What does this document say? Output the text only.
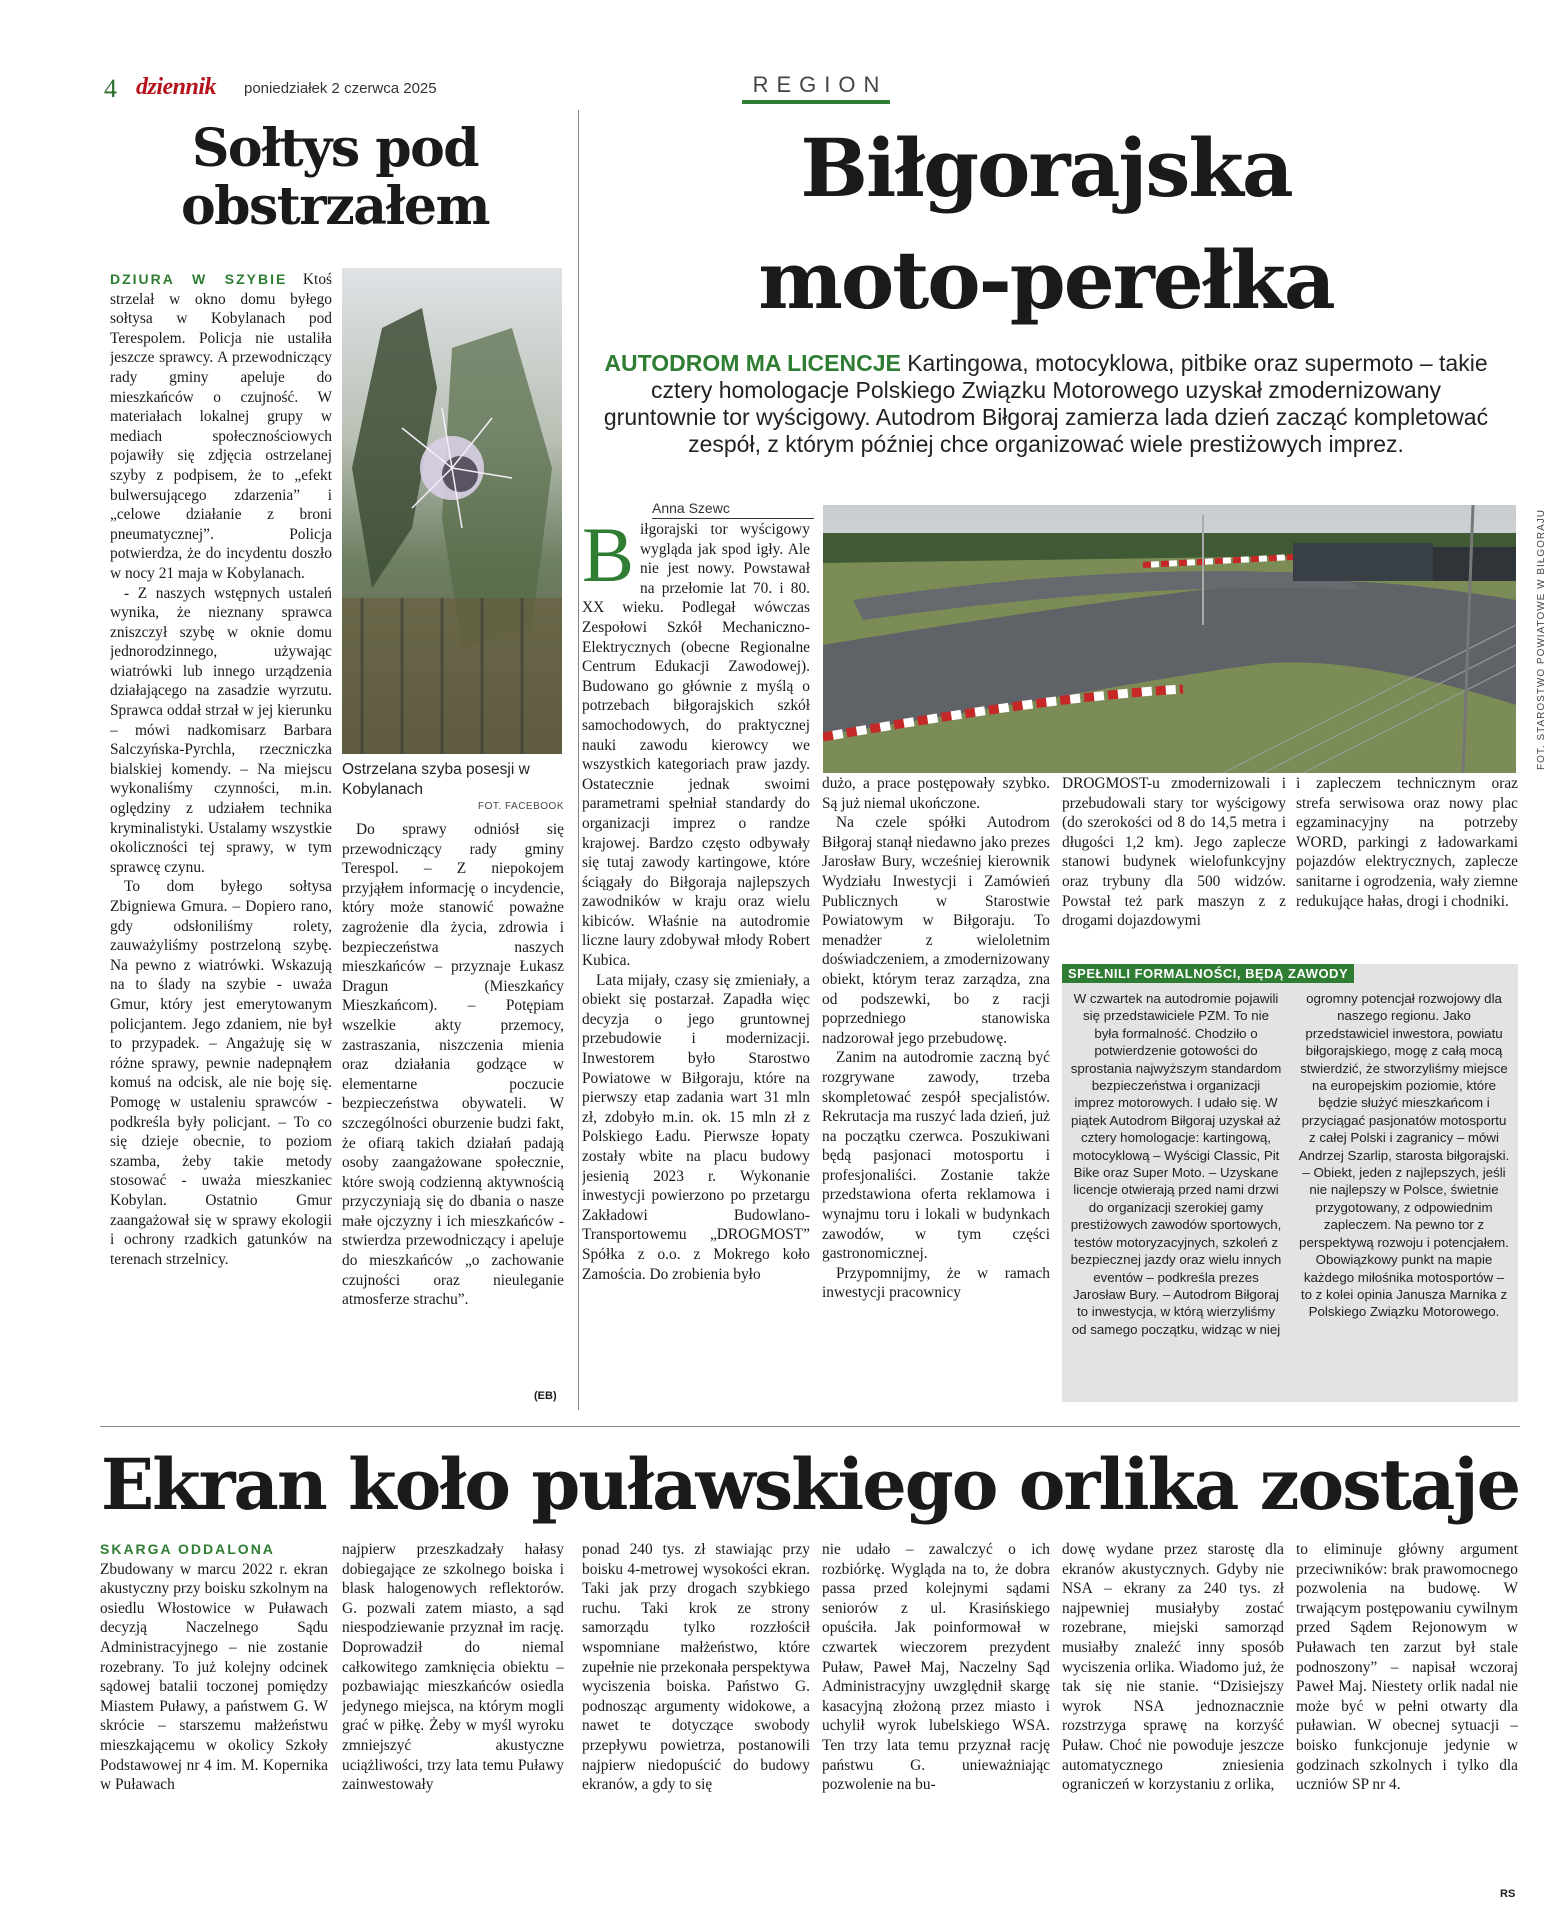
4 dziennik poniedziałek 2 czerwca 2025	REGION
Sołtys pod obstrzałem

DZIURA W SZYBIE Ktoś strzelał w okno domu byłego sołtysa w Kobylanach pod Terespolem. Policja nie ustaliła jeszcze sprawcy. A przewodniczący rady gminy apeluje do mieszkańców o czujność. W materiałach lokalnej grupy w mediach społecznościowych pojawiły się zdjęcia ostrzelanej szyby z podpisem, że to „efekt bulwersującego zdarzenia” i „celowe działanie z broni pneumatycznej”. Policja potwierdza, że do incydentu doszło w nocy 21 maja w Kobylanach.

- Z naszych wstępnych ustaleń wynika, że nieznany sprawca zniszczył szybę w oknie domu jednorodzinnego, używając wiatrówki lub innego urządzenia działającego na zasadzie wyrzutu. Sprawca oddał strzał w jej kierunku – mówi nadkomisarz Barbara Salczyńska-Pyrchla, rzeczniczka bialskiej komendy. – Na miejscu wykonaliśmy czynności, m.in. oględziny z udziałem technika kryminalistyki. Ustalamy wszystkie okoliczności tej sprawy, w tym sprawcę czynu.

To dom byłego sołtysa Zbigniewa Gmura. – Dopiero rano, gdy odsłoniliśmy rolety, zauważyliśmy postrzeloną szybę. Na pewno z wiatrówki. Wskazują na to ślady na szybie - uważa Gmur, który jest emerytowanym policjantem. Jego zdaniem, nie był to przypadek. – Angażuję się w różne sprawy, pewnie nadepnąłem komuś na odcisk, ale nie boję się. Pomogę w ustaleniu sprawców - podkreśla były policjant. – To co się dzieje obecnie, to poziom szamba, żeby takie metody stosować - uważa mieszkaniec Kobylan. Ostatnio Gmur zaangażował się w sprawy ekologii i ochrony rzadkich gatunków na terenach strzelnicy.

Ostrzelana szyba posesji w Kobylanach
FOT. FACEBOOK

Do sprawy odniósł się przewodniczący rady gminy Terespol. – Z niepokojem przyjąłem informację o incydencie, który może stanowić poważne zagrożenie dla życia, zdrowia i bezpieczeństwa naszych mieszkańców – przyznaje Łukasz Dragun (Mieszkańcy Mieszkańcom). – Potępiam wszelkie akty przemocy, zastraszania, niszczenia mienia oraz działania godzące w elementarne poczucie bezpieczeństwa obywateli. W szczególności oburzenie budzi fakt, że ofiarą takich działań padają osoby zaangażowane społecznie, które swoją codzienną aktywnością przyczyniają się do dbania o nasze małe ojczyzny i ich mieszkańców - stwierdza przewodniczący i apeluje do mieszkańców „o zachowanie czujności oraz nieuleganie atmosferze strachu”.

(EB)
Biłgorajska
moto-perełka
AUTODROM MA LICENCJE Kartingowa, motocyklowa, pitbike oraz supermoto – takie cztery homologacje Polskiego Związku Motorowego uzyskał zmodernizowany gruntownie tor wyścigowy. Autodrom Biłgoraj zamierza lada dzień zacząć kompletować zespół, z którym później chce organizować wiele prestiżowych imprez.
Anna Szewc
FOT. STAROSTWO POWIATOWE W BIŁGORAJU

Biłgorajski tor wyścigowy wygląda jak spod igły. Ale nie jest nowy. Powstawał na przełomie lat 70. i 80. XX wieku. Podlegał wówczas Zespołowi Szkół Mechaniczno-Elektrycznych (obecne Regionalne Centrum Edukacji Zawodowej). Budowano go głównie z myślą o potrzebach biłgorajskich szkół samochodowych, do praktycznej nauki zawodu kierowcy we wszystkich kategoriach praw jazdy. Ostatecznie jednak swoimi parametrami spełniał standardy do organizacji imprez o randze krajowej. Bardzo często odbywały się tutaj zawody kartingowe, które ściągały do Biłgoraja najlepszych zawodników w kraju oraz wielu kibiców. Właśnie na autodromie liczne laury zdobywał młody Robert Kubica.

Lata mijały, czasy się zmieniały, a obiekt się postarzał. Zapadła więc decyzja o jego gruntownej przebudowie i modernizacji. Inwestorem było Starostwo Powiatowe w Biłgoraju, które na pierwszy etap zadania wart 31 mln zł, zdobyło m.in. ok. 15 mln zł z Polskiego Ładu. Pierwsze łopaty zostały wbite na placu budowy jesienią 2023 r. Wykonanie inwestycji powierzono po przetargu Zakładowi Budowlano-Transportowemu „DROGMOST” Spółka z o.o. z Mokrego koło Zamościa. Do zrobienia było

dużo, a prace postępowały szybko. Są już niemal ukończone.

Na czele spółki Autodrom Biłgoraj stanął niedawno jako prezes Jarosław Bury, wcześniej kierownik Wydziału Inwestycji i Zamówień Publicznych w Starostwie Powiatowym w Biłgoraju. To menadżer z wieloletnim doświadczeniem, a zmodernizowany obiekt, którym teraz zarządza, zna od podszewki, bo z racji poprzedniego stanowiska nadzorował jego przebudowę.

Zanim na autodromie zaczną być rozgrywane zawody, trzeba skompletować zespół specjalistów. Rekrutacja ma ruszyć lada dzień, już na początku czerwca. Poszukiwani będą pasjonaci motosportu i profesjonaliści. Zostanie także przedstawiona oferta reklamowa i wynajmu toru i lokali w budynkach zawodów, w tym części gastronomicznej.

Przypomnijmy, że w ramach inwestycji pracownicy

DROGMOST-u zmodernizowali i przebudowali stary tor wyścigowy (do szerokości od 8 do 14,5 metra i długości 1,2 km). Jego zaplecze stanowi budynek wielofunkcyjny oraz trybuny dla 500 widzów. Powstał też park maszyn z z drogami dojazdowymi

i zapleczem technicznym oraz strefa serwisowa oraz nowy plac egzaminacyjny na potrzeby WORD, parkingi z ładowarkami pojazdów elektrycznych, zaplecze sanitarne i ogrodzenia, wały ziemne redukujące hałas, drogi i chodniki.

SPEŁNILI FORMALNOŚCI, BĘDĄ ZAWODY

W czwartek na autodromie pojawili się przedstawiciele PZM. To nie była formalność. Chodziło o potwierdzenie gotowości do sprostania najwyższym standardom bezpieczeństwa i organizacji imprez motorowych. I udało się. W piątek Autodrom Biłgoraj uzyskał aż cztery homologacje: kartingową, motocyklową – Wyścigi Classic, Pit Bike oraz Super Moto. – Uzyskane licencje otwierają przed nami drzwi do organizacji szerokiej gamy prestiżowych zawodów sportowych, testów motoryzacyjnych, szkoleń z bezpiecznej jazdy oraz wielu innych eventów – podkreśla prezes Jarosław Bury. – Autodrom Biłgoraj to inwestycja, w którą wierzyliśmy od samego początku, widząc w niej

ogromny potencjał rozwojowy dla naszego regionu. Jako przedstawiciel inwestora, powiatu biłgorajskiego, mogę z całą mocą stwierdzić, że stworzyliśmy miejsce na europejskim poziomie, które będzie służyć mieszkańcom i przyciągać pasjonatów motosportu z całej Polski i zagranicy – mówi Andrzej Szarlip, starosta biłgorajski. – Obiekt, jeden z najlepszych, jeśli nie najlepszy w Polsce, świetnie przygotowany, z odpowiednim zapleczem. Na pewno tor z perspektywą rozwoju i potencjałem. Obowiązkowy punkt na mapie każdego miłośnika motosportów – to z kolei opinia Janusza Marnika z Polskiego Związku Motorowego.

Ekran koło puławskiego orlika zostaje

SKARGA ODDALONA

Zbudowany w marcu 2022 r. ekran akustyczny przy boisku szkolnym na osiedlu Włostowice w Puławach decyzją Naczelnego Sądu Administracyjnego – nie zostanie rozebrany. To już kolejny odcinek sądowej batalii toczonej pomiędzy Miastem Puławy, a państwem G. W skrócie – starszemu małżeństwu mieszkającemu w okolicy Szkoły Podstawowej nr 4 im. M. Kopernika w Puławach

najpierw przeszkadzały hałasy dobiegające ze szkolnego boiska i blask halogenowych reflektorów. G. pozwali zatem miasto, a sąd niespodziewanie przyznał im rację. Doprowadził do niemal całkowitego zamknięcia obiektu – pozbawiając mieszkańców osiedla jedynego miejsca, na którym mogli grać w piłkę. Żeby w myśl wyroku zmniejszyć akustyczne uciążliwości, trzy lata temu Puławy zainwestowały

ponad 240 tys. zł stawiając przy boisku 4-metrowej wysokości ekran. Taki jak przy drogach szybkiego ruchu. Taki krok ze strony samorządu tylko rozzłościł wspomniane małżeństwo, które zupełnie nie przekonała perspektywa wyciszenia boiska. Państwo G. podnosząc argumenty widokowe, a nawet te dotyczące swobody przepływu powietrza, postanowili najpierw niedopuścić do budowy ekranów, a gdy to się

nie udało – zawalczyć o ich rozbiórkę. Wygląda na to, że dobra passa przed kolejnymi sądami seniorów z ul. Krasińskiego opuściła. Jak poinformował w czwartek wieczorem prezydent Puław, Paweł Maj, Naczelny Sąd Administracyjny uwzględnił skargę kasacyjną złożoną przez miasto i uchylił wyrok lubelskiego WSA. Ten trzy lata temu przyznał rację państwu G. unieważniając pozwolenie na bu-

dowę wydane przez starostę dla ekranów akustycznych. Gdyby nie NSA – ekrany za 240 tys. zł najpewniej musiałyby zostać rozebrane, miejski samorząd musiałby znaleźć inny sposób wyciszenia orlika. Wiadomo już, że tak się nie stanie. “Dzisiejszy wyrok NSA jednoznacznie rozstrzyga sprawę na korzyść Puław. Choć nie powoduje jeszcze automatycznego zniesienia ograniczeń w korzystaniu z orlika,

to eliminuje główny argument przeciwników: brak prawomocnego pozwolenia na budowę. W trwającym postępowaniu cywilnym przed Sądem Rejonowym w Puławach ten zarzut był stale podnoszony” – napisał wczoraj Paweł Maj. Niestety orlik nadal nie może być w pełni otwarty dla puławian. W obecnej sytuacji – boisko funkcjonuje jedynie w godzinach szkolnych i tylko dla uczniów SP nr 4.

RS
